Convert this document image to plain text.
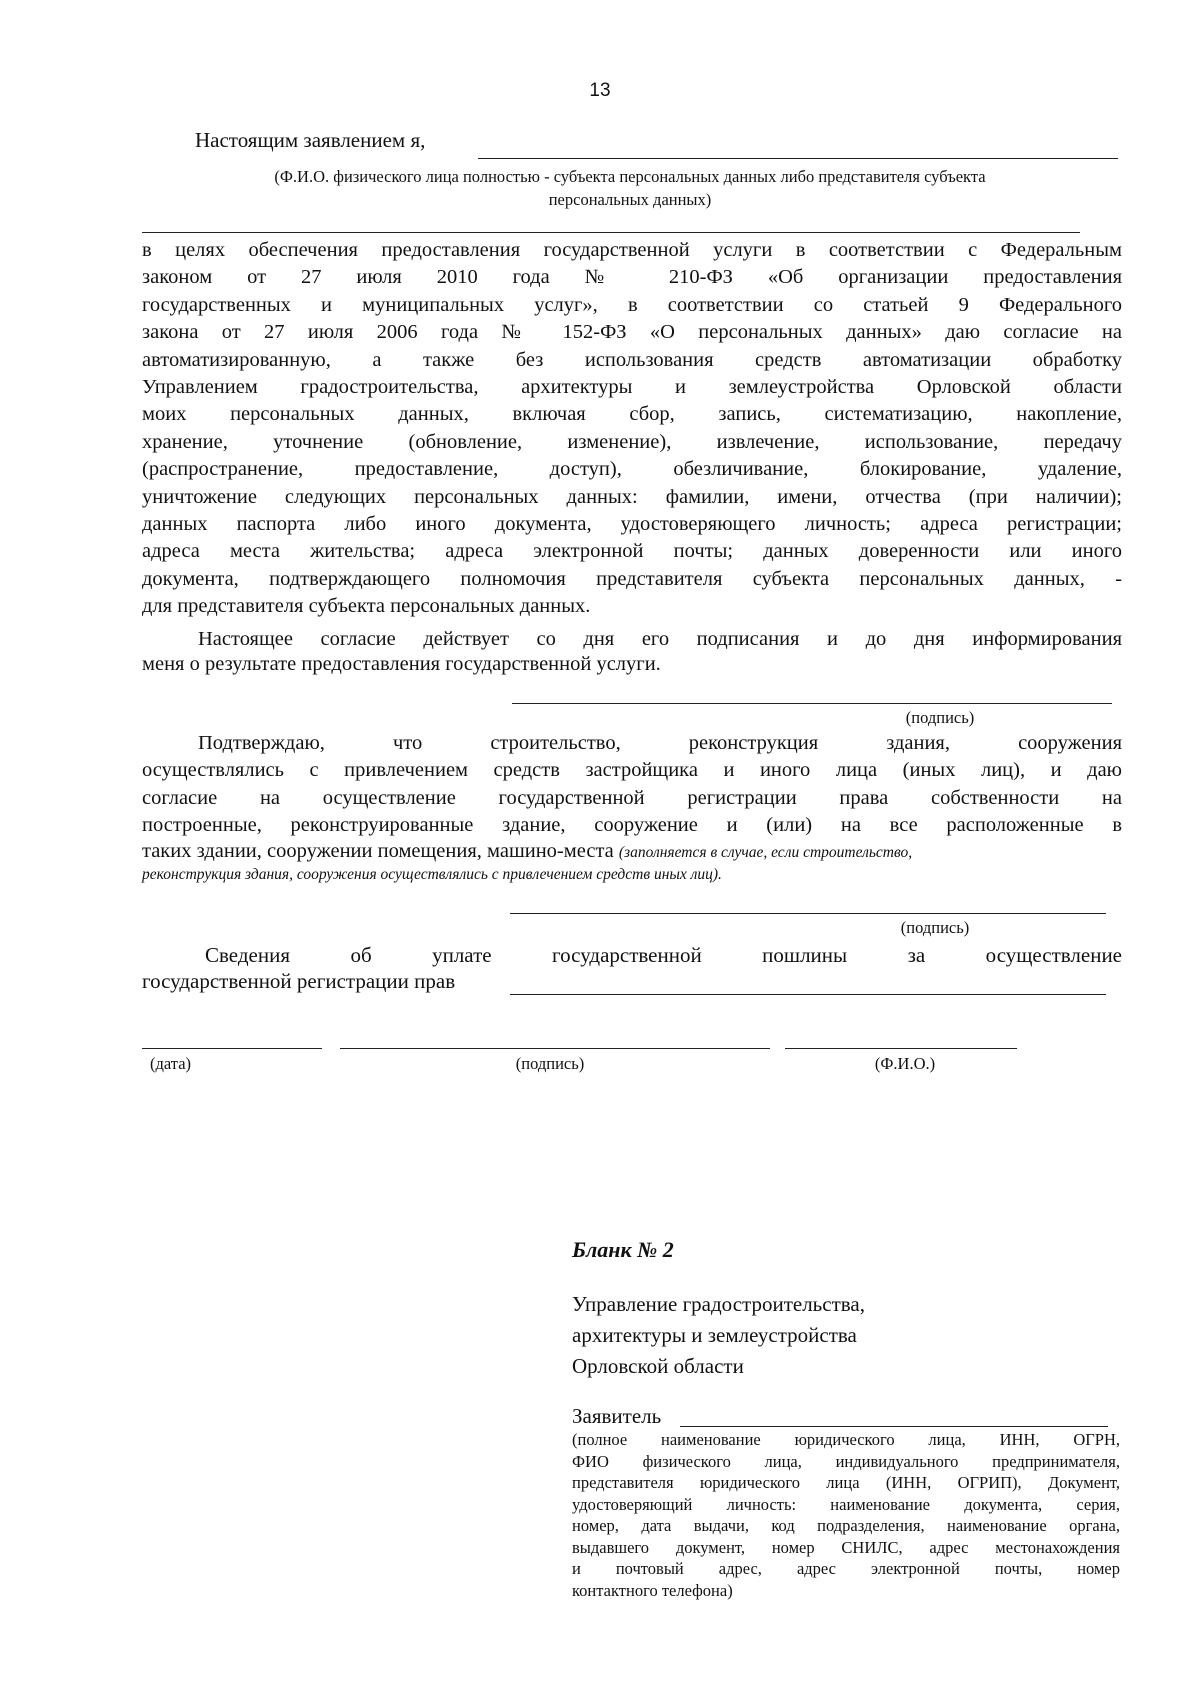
13
Настоящим заявлением я,
(Ф.И.О. физического лица полностью - субъекта персональных данных либо представителя субъекта
персональных данных)
в целях обеспечения предоставления государственной услуги в соответствии с Федеральным
законом от 27 июля 2010 года № 210-ФЗ «Об организации предоставления
государственных и муниципальных услуг», в соответствии со статьей 9 Федерального
закона от 27 июля 2006 года № 152-ФЗ «О персональных данных» даю согласие на
автоматизированную, а также без использования средств автоматизации обработку
Управлением градостроительства, архитектуры и землеустройства Орловской области
моих персональных данных, включая сбор, запись, систематизацию, накопление,
хранение, уточнение (обновление, изменение), извлечение, использование, передачу
(распространение, предоставление, доступ), обезличивание, блокирование, удаление,
уничтожение следующих персональных данных: фамилии, имени, отчества (при наличии);
данных паспорта либо иного документа, удостоверяющего личность; адреса регистрации;
адреса места жительства; адреса электронной почты; данных доверенности или иного
документа, подтверждающего полномочия представителя субъекта персональных данных, -
для представителя субъекта персональных данных.
Настоящее согласие действует со дня его подписания и до дня информирования
меня о результате предоставления государственной услуги.
(подпись)
Подтверждаю, что строительство, реконструкция здания, сооружения
осуществлялись с привлечением средств застройщика и иного лица (иных лиц), и даю
согласие на осуществление государственной регистрации права собственности на
построенные, реконструированные здание, сооружение и (или) на все расположенные в
таких здании, сооружении помещения, машино-места (заполняется в случае, если строительство,
реконструкция здания, сооружения осуществлялись с привлечением средств иных лиц).
(подпись)
Сведения об уплате государственной пошлины за осуществление
государственной регистрации прав
(дата)	(подпись)	(Ф.И.О.)
Бланк № 2
Управление градостроительства,
архитектуры и землеустройства
Орловской области
Заявитель
(полное наименование юридического лица, ИНН, ОГРН,
ФИО физического лица, индивидуального предпринимателя,
представителя юридического лица (ИНН, ОГРИП), Документ,
удостоверяющий личность: наименование документа, серия,
номер, дата выдачи, код подразделения, наименование органа,
выдавшего документ, номер СНИЛС, адрес местонахождения
и почтовый адрес, адрес электронной почты, номер
контактного телефона)
